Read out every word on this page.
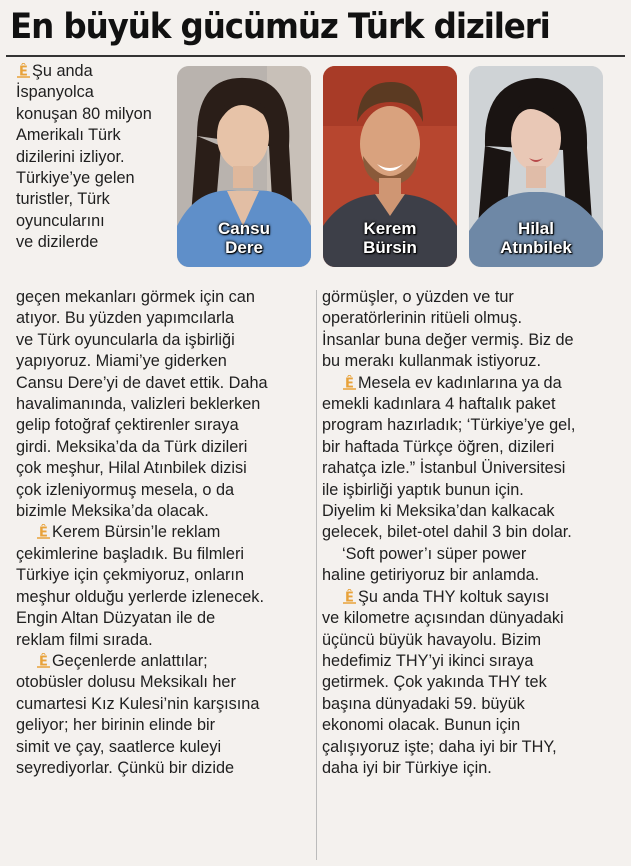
En büyük gücümüz Türk dizileri
Cansu
Dere
Kerem
Bürsin
Hilal
Atınbilek

Ê Şu anda
İspanyolca
konuşan 80 milyon
Amerikalı Türk
dizilerini izliyor.
Türkiye’ye gelen
turistler, Türk
oyuncularını
ve dizilerde

geçen mekanları görmek için can
atıyor. Bu yüzden yapımcılarla
ve Türk oyuncularla da işbirliği
yapıyoruz. Miami’ye giderken
Cansu Dere’yi de davet ettik. Daha
havalimanında, valizleri beklerken
gelip fotoğraf çektirenler sıraya
girdi. Meksika’da da Türk dizileri
çok meşhur, Hilal Atınbilek dizisi
çok izleniyormuş mesela, o da
bizimle Meksika’da olacak.

Ê Kerem Bürsin’le reklam
çekimlerine başladık. Bu filmleri
Türkiye için çekmiyoruz, onların
meşhur olduğu yerlerde izlenecek.
Engin Altan Düzyatan ile de
reklam filmi sırada.

Ê Geçenlerde anlattılar;
otobüsler dolusu Meksikalı her
cumartesi Kız Kulesi’nin karşısına
geliyor; her birinin elinde bir
simit ve çay, saatlerce kuleyi
seyrediyorlar. Çünkü bir dizide

görmüşler, o yüzden ve tur
operatörlerinin ritüeli olmuş.
İnsanlar buna değer vermiş. Biz de
bu merakı kullanmak istiyoruz.

Ê Mesela ev kadınlarına ya da
emekli kadınlara 4 haftalık paket
program hazırladık; ‘Türkiye’ye gel,
bir haftada Türkçe öğren, dizileri
rahatça izle.” İstanbul Üniversitesi
ile işbirliği yaptık bunun için.
Diyelim ki Meksika’dan kalkacak
gelecek, bilet-otel dahil 3 bin dolar.

‘Soft power’ı süper power
haline getiriyoruz bir anlamda.

Ê Şu anda THY koltuk sayısı
ve kilometre açısından dünyadaki
üçüncü büyük havayolu. Bizim
hedefimiz THY’yi ikinci sıraya
getirmek. Çok yakında THY tek
başına dünyadaki 59. büyük
ekonomi olacak. Bunun için
çalışıyoruz işte; daha iyi bir THY,
daha iyi bir Türkiye için.
